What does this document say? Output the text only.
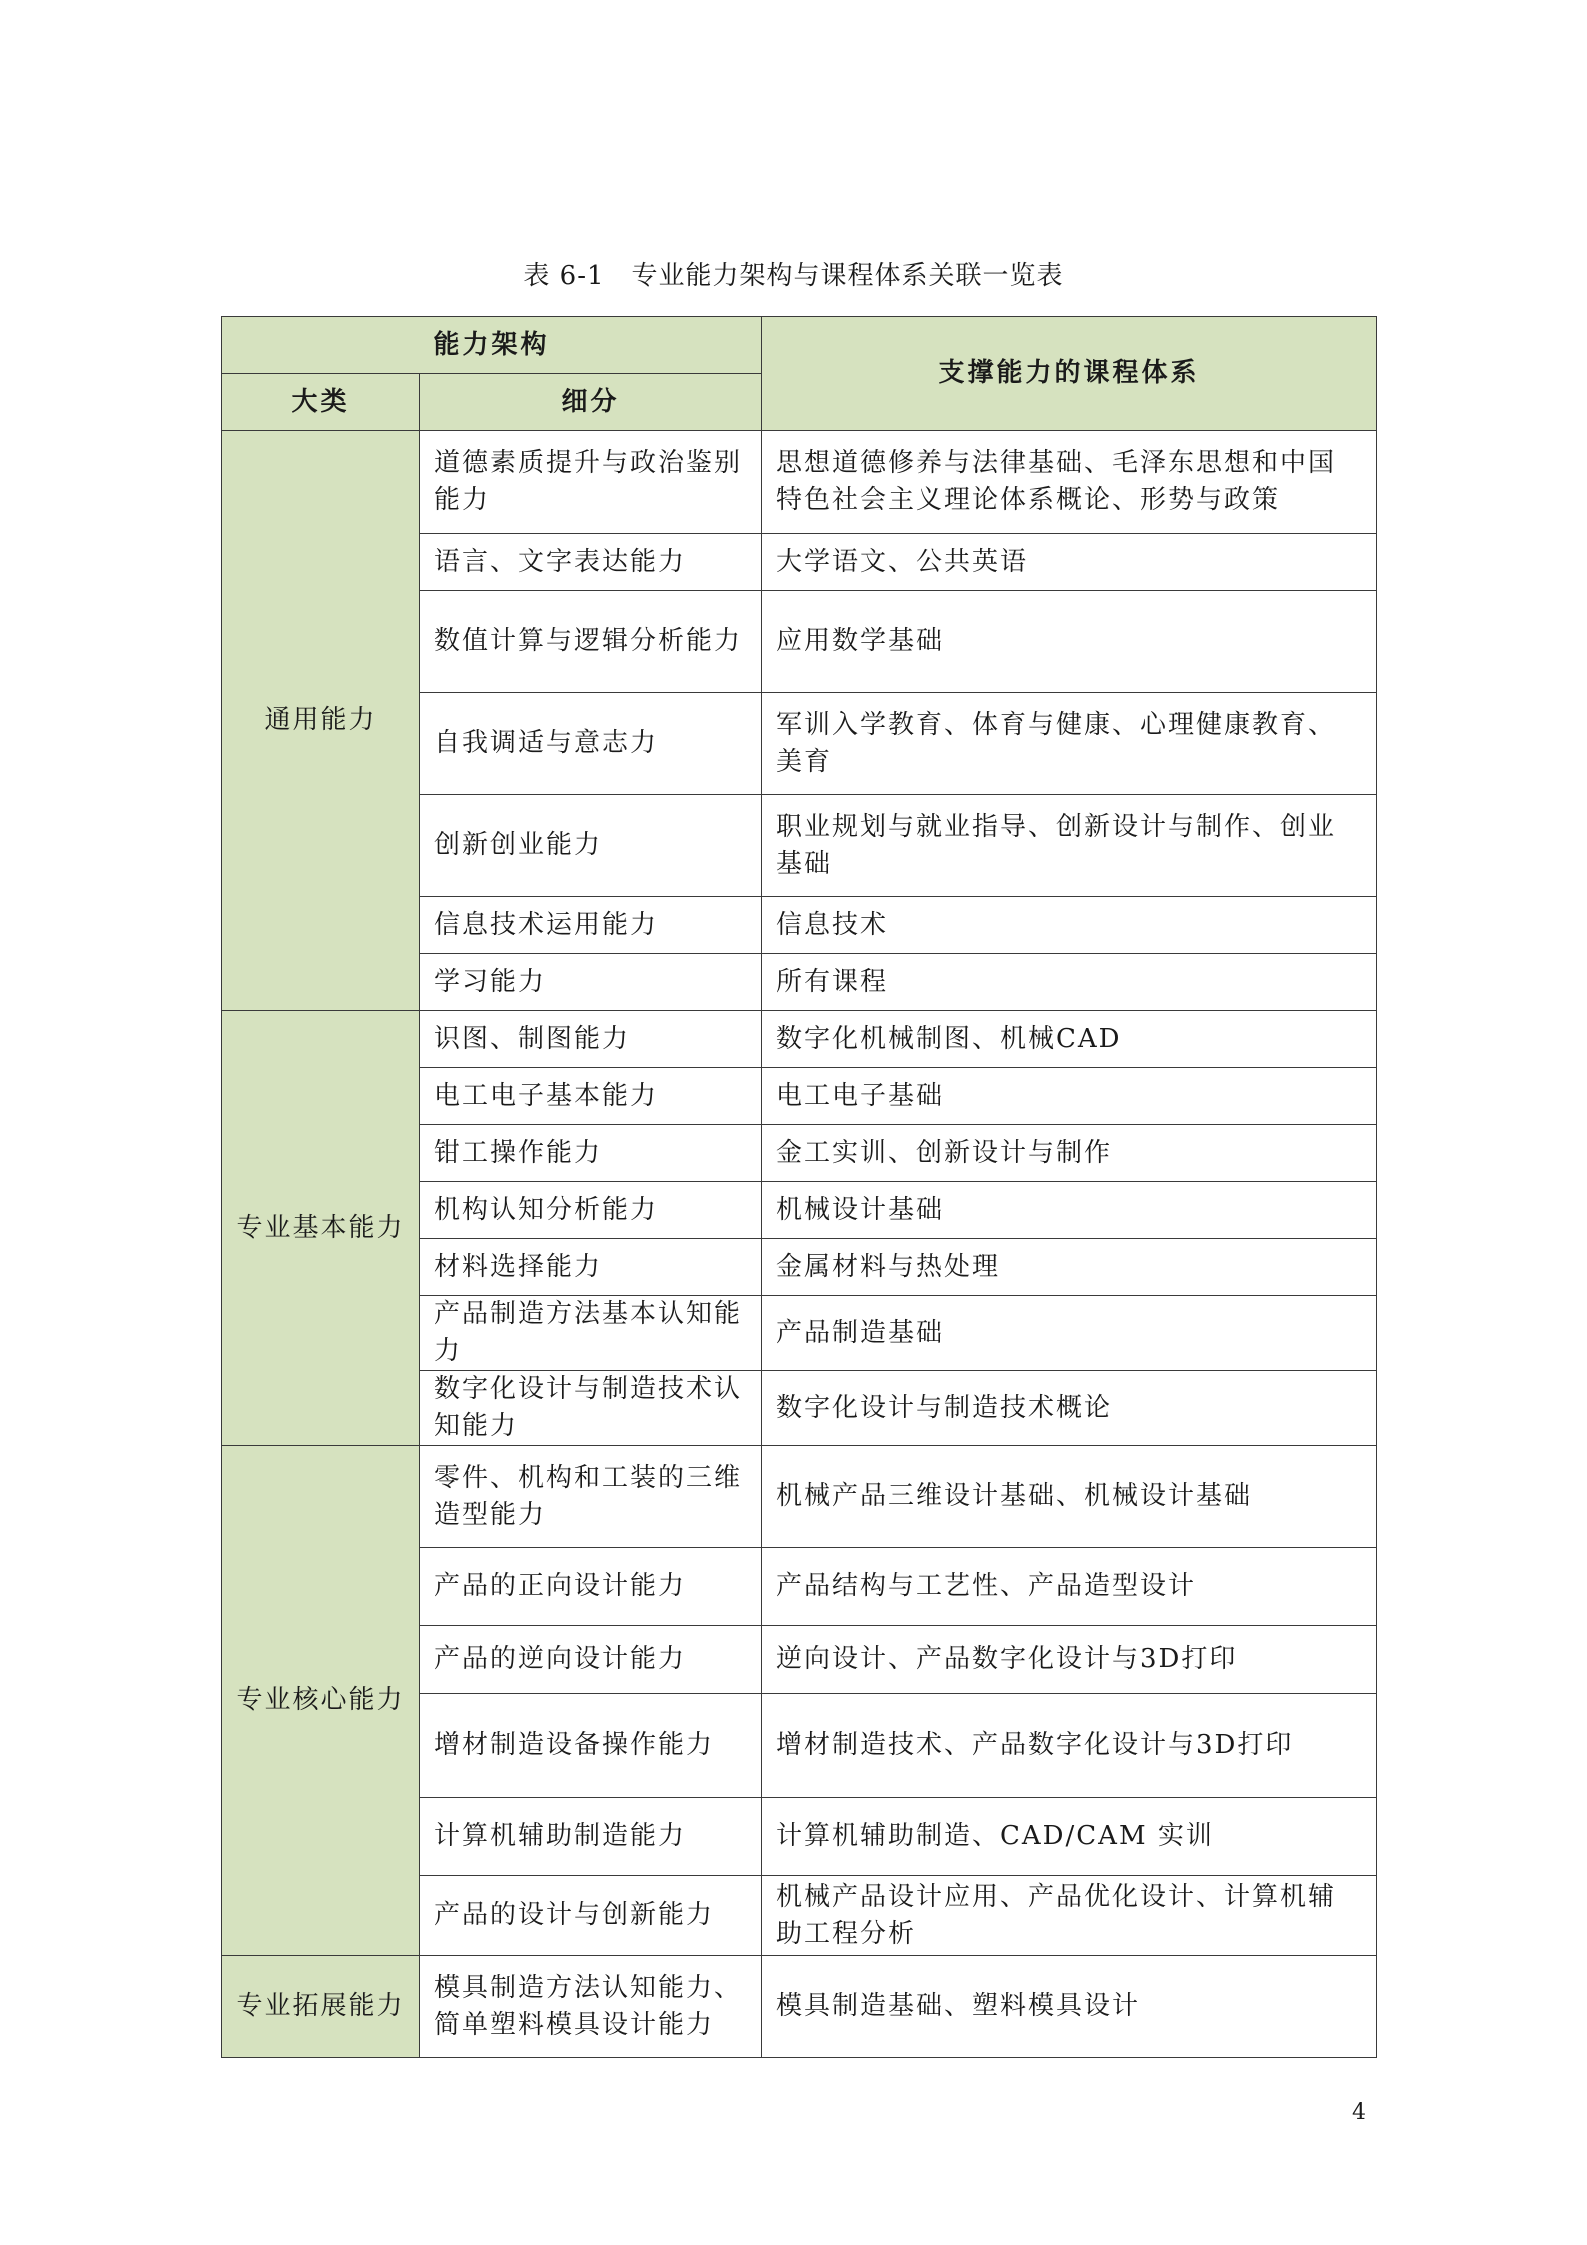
表 6-1　专业能力架构与课程体系关联一览表
能力架构		支撑能力的课程体系
大类	细分	
通用能力	道德素质提升与政治鉴别能力	思想道德修养与法律基础、毛泽东思想和中国特色社会主义理论体系概论、形势与政策
	语言、文字表达能力	大学语文、公共英语
	数值计算与逻辑分析能力	应用数学基础
	自我调适与意志力	军训入学教育、体育与健康、心理健康教育、美育
	创新创业能力	职业规划与就业指导、创新设计与制作、创业基础
	信息技术运用能力	信息技术
	学习能力	所有课程
专业基本能力	识图、制图能力	数字化机械制图、机械CAD
	电工电子基本能力	电工电子基础
	钳工操作能力	金工实训、创新设计与制作
	机构认知分析能力	机械设计基础
	材料选择能力	金属材料与热处理
	产品制造方法基本认知能力	产品制造基础
	数字化设计与制造技术认知能力	数字化设计与制造技术概论
专业核心能力	零件、机构和工装的三维造型能力	机械产品三维设计基础、机械设计基础
	产品的正向设计能力	产品结构与工艺性、产品造型设计
	产品的逆向设计能力	逆向设计、产品数字化设计与3D打印
	增材制造设备操作能力	增材制造技术、产品数字化设计与3D打印
	计算机辅助制造能力	计算机辅助制造、CAD/CAM 实训
	产品的设计与创新能力	机械产品设计应用、产品优化设计、计算机辅助工程分析
专业拓展能力	模具制造方法认知能力、简单塑料模具设计能力	模具制造基础、塑料模具设计
4
